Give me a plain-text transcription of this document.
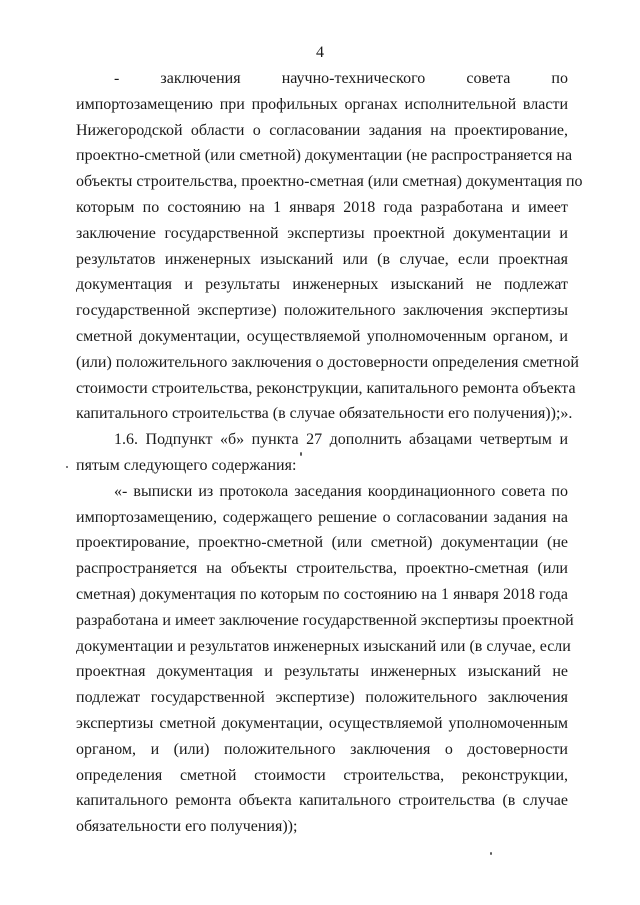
4
- заключения научно-технического совета по
импортозамещению при профильных органах исполнительной власти
Нижегородской области о согласовании задания на проектирование,
проектно-сметной (или сметной) документации (не распространяется на
объекты строительства, проектно-сметная (или сметная) документация по
которым по состоянию на 1 января 2018 года разработана и имеет
заключение государственной экспертизы проектной документации и
результатов инженерных изысканий или (в случае, если проектная
документация и результаты инженерных изысканий не подлежат
государственной экспертизе) положительного заключения экспертизы
сметной документации, осуществляемой уполномоченным органом, и
(или) положительного заключения о достоверности определения сметной
стоимости строительства, реконструкции, капитального ремонта объекта
капитального строительства (в случае обязательности его получения));».
1.6. Подпункт «б» пункта 27 дополнить абзацами четвертым и
пятым следующего содержания:
«- выписки из протокола заседания координационного совета по
импортозамещению, содержащего решение о согласовании задания на
проектирование, проектно-сметной (или сметной) документации (не
распространяется на объекты строительства, проектно-сметная (или
сметная) документация по которым по состоянию на 1 января 2018 года
разработана и имеет заключение государственной экспертизы проектной
документации и результатов инженерных изысканий или (в случае, если
проектная документация и результаты инженерных изысканий не
подлежат государственной экспертизе) положительного заключения
экспертизы сметной документации, осуществляемой уполномоченным
органом, и (или) положительного заключения о достоверности
определения сметной стоимости строительства, реконструкции,
капитального ремонта объекта капитального строительства (в случае
обязательности его получения));
